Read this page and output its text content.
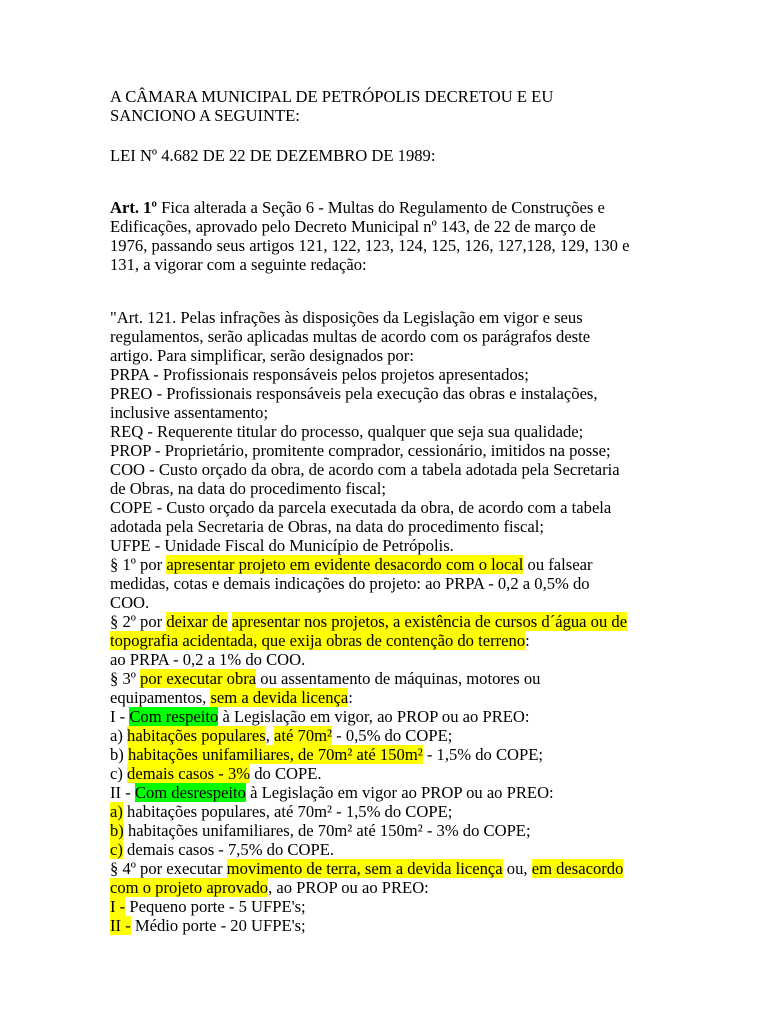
A CÂMARA MUNICIPAL DE PETRÓPOLIS DECRETOU E EU
SANCIONO A SEGUINTE:
LEI Nº 4.682 DE 22 DE DEZEMBRO DE 1989:
Art. 1º Fica alterada a Seção 6 - Multas do Regulamento de Construções e
Edificações, aprovado pelo Decreto Municipal nº 143, de 22 de março de
1976, passando seus artigos 121, 122, 123, 124, 125, 126, 127,128, 129, 130 e
131, a vigorar com a seguinte redação:
"Art. 121. Pelas infrações às disposições da Legislação em vigor e seus
regulamentos, serão aplicadas multas de acordo com os parágrafos deste
artigo. Para simplificar, serão designados por:
PRPA - Profissionais responsáveis pelos projetos apresentados;
PREO - Profissionais responsáveis pela execução das obras e instalações,
inclusive assentamento;
REQ - Requerente titular do processo, qualquer que seja sua qualidade;
PROP - Proprietário, promitente comprador, cessionário, imitidos na posse;
COO - Custo orçado da obra, de acordo com a tabela adotada pela Secretaria
de Obras, na data do procedimento fiscal;
COPE - Custo orçado da parcela executada da obra, de acordo com a tabela
adotada pela Secretaria de Obras, na data do procedimento fiscal;
UFPE - Unidade Fiscal do Município de Petrópolis.
§ 1º por apresentar projeto em evidente desacordo com o local ou falsear
medidas, cotas e demais indicações do projeto: ao PRPA - 0,2 a 0,5% do
COO.
§ 2º por deixar de apresentar nos projetos, a existência de cursos d´água ou de
topografia acidentada, que exija obras de contenção do terreno:
ao PRPA - 0,2 a 1% do COO.
§ 3º por executar obra ou assentamento de máquinas, motores ou
equipamentos, sem a devida licença:
I - Com respeito à Legislação em vigor, ao PROP ou ao PREO:
a) habitações populares, até 70m² - 0,5% do COPE;
b) habitações unifamiliares, de 70m² até 150m² - 1,5% do COPE;
c) demais casos - 3% do COPE.
II - Com desrespeito à Legislação em vigor ao PROP ou ao PREO:
a) habitações populares, até 70m² - 1,5% do COPE;
b) habitações unifamiliares, de 70m² até 150m² - 3% do COPE;
c) demais casos - 7,5% do COPE.
§ 4º por executar movimento de terra, sem a devida licença ou, em desacordo
com o projeto aprovado, ao PROP ou ao PREO:
I - Pequeno porte - 5 UFPE's;
II - Médio porte - 20 UFPE's;
